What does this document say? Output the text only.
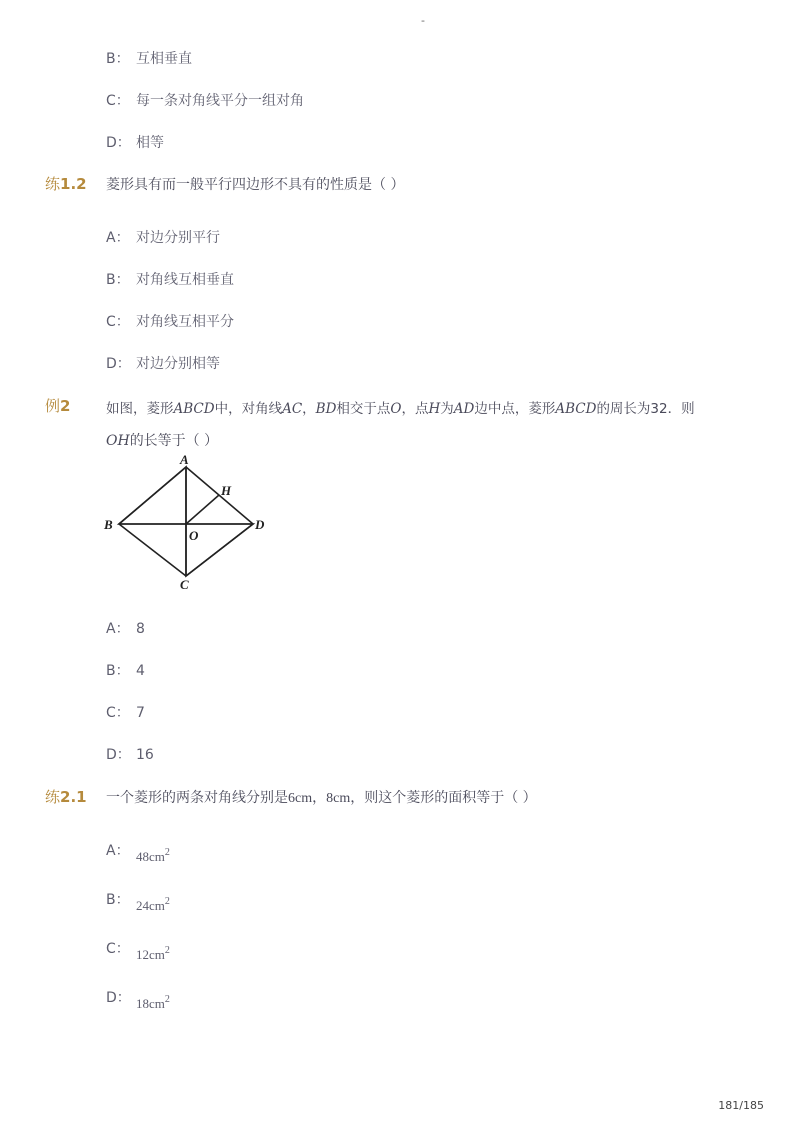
-
B： 互相垂直
C： 每一条对角线平分一组对角
D： 相等
练1.2 菱形具有而一般平行四边形不具有的性质是（ ）
A： 对边分别平行
B： 对角线互相垂直
C： 对角线互相平分
D： 对边分别相等
例2	如图，菱形ABCD中，对角线AC，BD相交于点O，点H为AD边中点，菱形ABCD的周长为32．则
OH的长等于（ ）
A
B
C
D
O
H
A： 8
B： 4
C： 7
D： 16
练2.1 一个菱形的两条对角线分别是6cm，8cm，则这个菱形的面积等于（ ）
A： $48cm^2$
B： $24cm^2$
C： $12cm^2$
D： $18cm^2$
181/185
